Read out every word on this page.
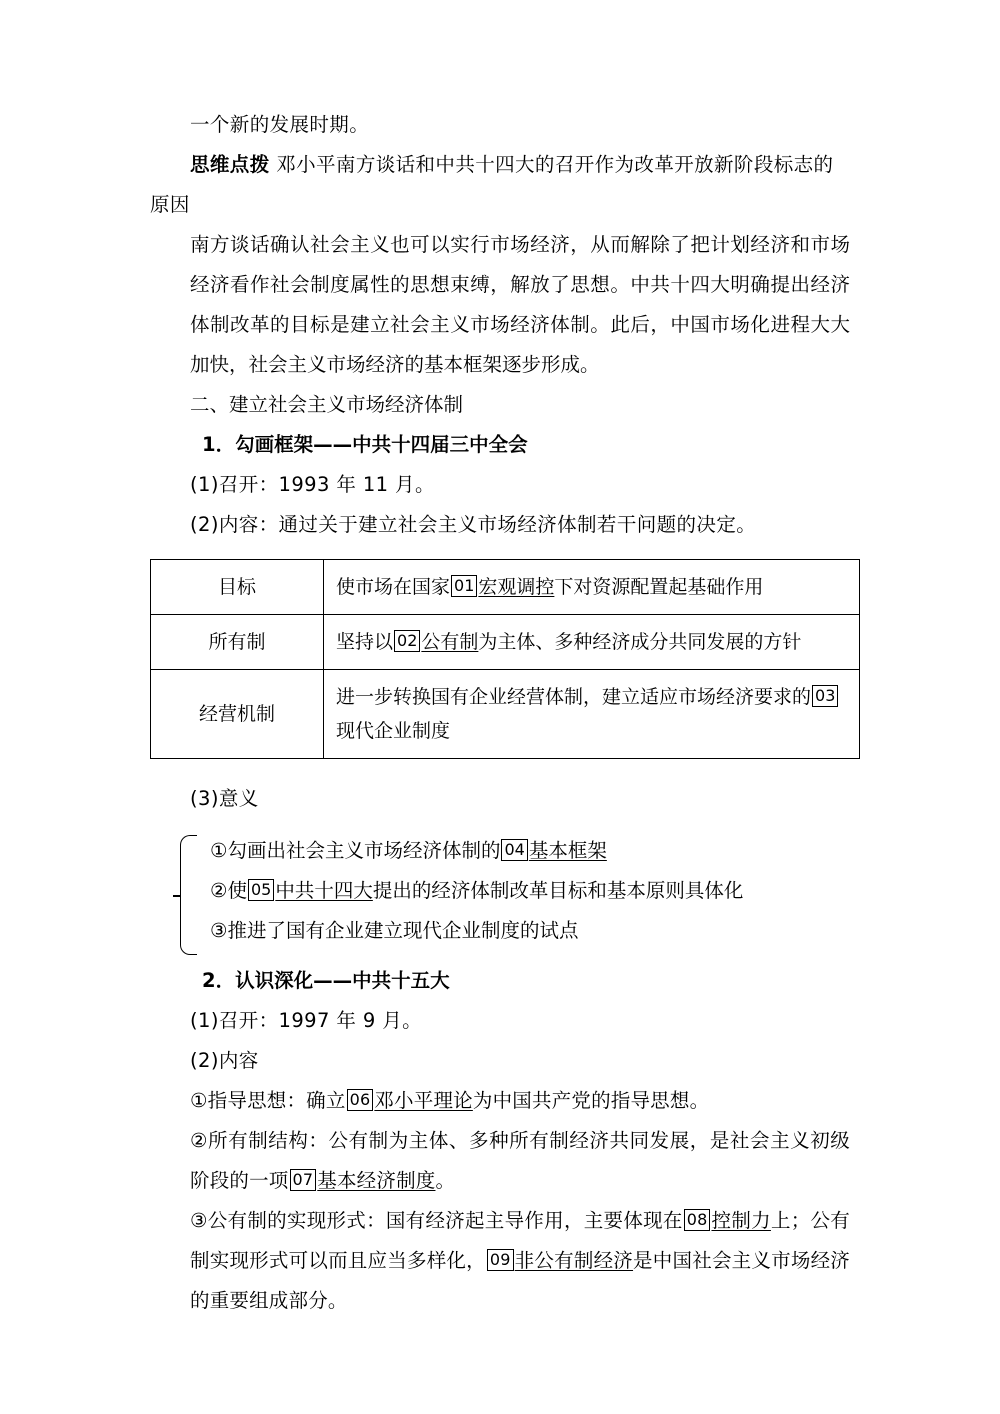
一个新的发展时期。
思维点拨 邓小平南方谈话和中共十四大的召开作为改革开放新阶段标志的
原因
南方谈话确认社会主义也可以实行市场经济，从而解除了把计划经济和市场经济看作社会制度属性的思想束缚，解放了思想。中共十四大明确提出经济体制改革的目标是建立社会主义市场经济体制。此后，中国市场化进程大大加快，社会主义市场经济的基本框架逐步形成。
二、建立社会主义市场经济体制
1．勾画框架——中共十四届三中全会
(1)召开：1993 年 11 月。
(2)内容：通过关于建立社会主义市场经济体制若干问题的决定。
目标	使市场在国家 01 宏观调控下对资源配置起基础作用
所有制	坚持以 02 公有制为主体、多种经济成分共同发展的方针
经营机制	进一步转换国有企业经营体制，建立适应市场经济要求的 03现代企业制度
(3)意义
①勾画出社会主义市场经济体制的 04 基本框架
②使 05 中共十四大提出的经济体制改革目标和基本原则具体化
③推进了国有企业建立现代企业制度的试点
2．认识深化——中共十五大
(1)召开：1997 年 9 月。
(2)内容
①指导思想：确立 06 邓小平理论为中国共产党的指导思想。
②所有制结构：公有制为主体、多种所有制经济共同发展，是社会主义初级阶段的一项 07 基本经济制度。
③公有制的实现形式：国有经济起主导作用，主要体现在 08 控制力上；公有制实现形式可以而且应当多样化， 09 非公有制经济是中国社会主义市场经济的重要组成部分。
